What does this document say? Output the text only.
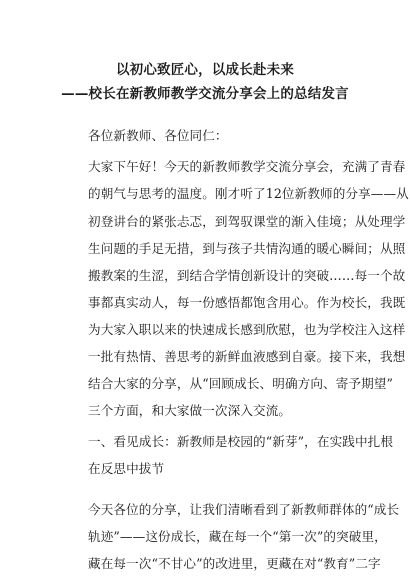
以初心致匠心，以成长赴未来
——校长在新教师教学交流分享会上的总结发言
各位新教师、各位同仁：
大家下午好！今天的新教师教学交流分享会，充满了青春
的朝气与思考的温度。刚才听了12位新教师的分享——从
初登讲台的紧张忐忑，到驾驭课堂的渐入佳境；从处理学
生问题的手足无措，到与孩子共情沟通的暖心瞬间；从照
搬教案的生涩，到结合学情创新设计的突破……每一个故
事都真实动人，每一份感悟都饱含用心。作为校长，我既
为大家入职以来的快速成长感到欣慰，也为学校注入这样
一批有热情、善思考的新鲜血液感到自豪。接下来，我想
结合大家的分享，从“回顾成长、明确方向、寄予期望”
三个方面，和大家做一次深入交流。
一、看见成长：新教师是校园的“新芽”，在实践中扎根
在反思中拔节
今天各位的分享，让我们清晰看到了新教师群体的“成长
轨迹”——这份成长，藏在每一个“第一次”的突破里，
藏在每一次“不甘心”的改进里，更藏在对“教育”二字
